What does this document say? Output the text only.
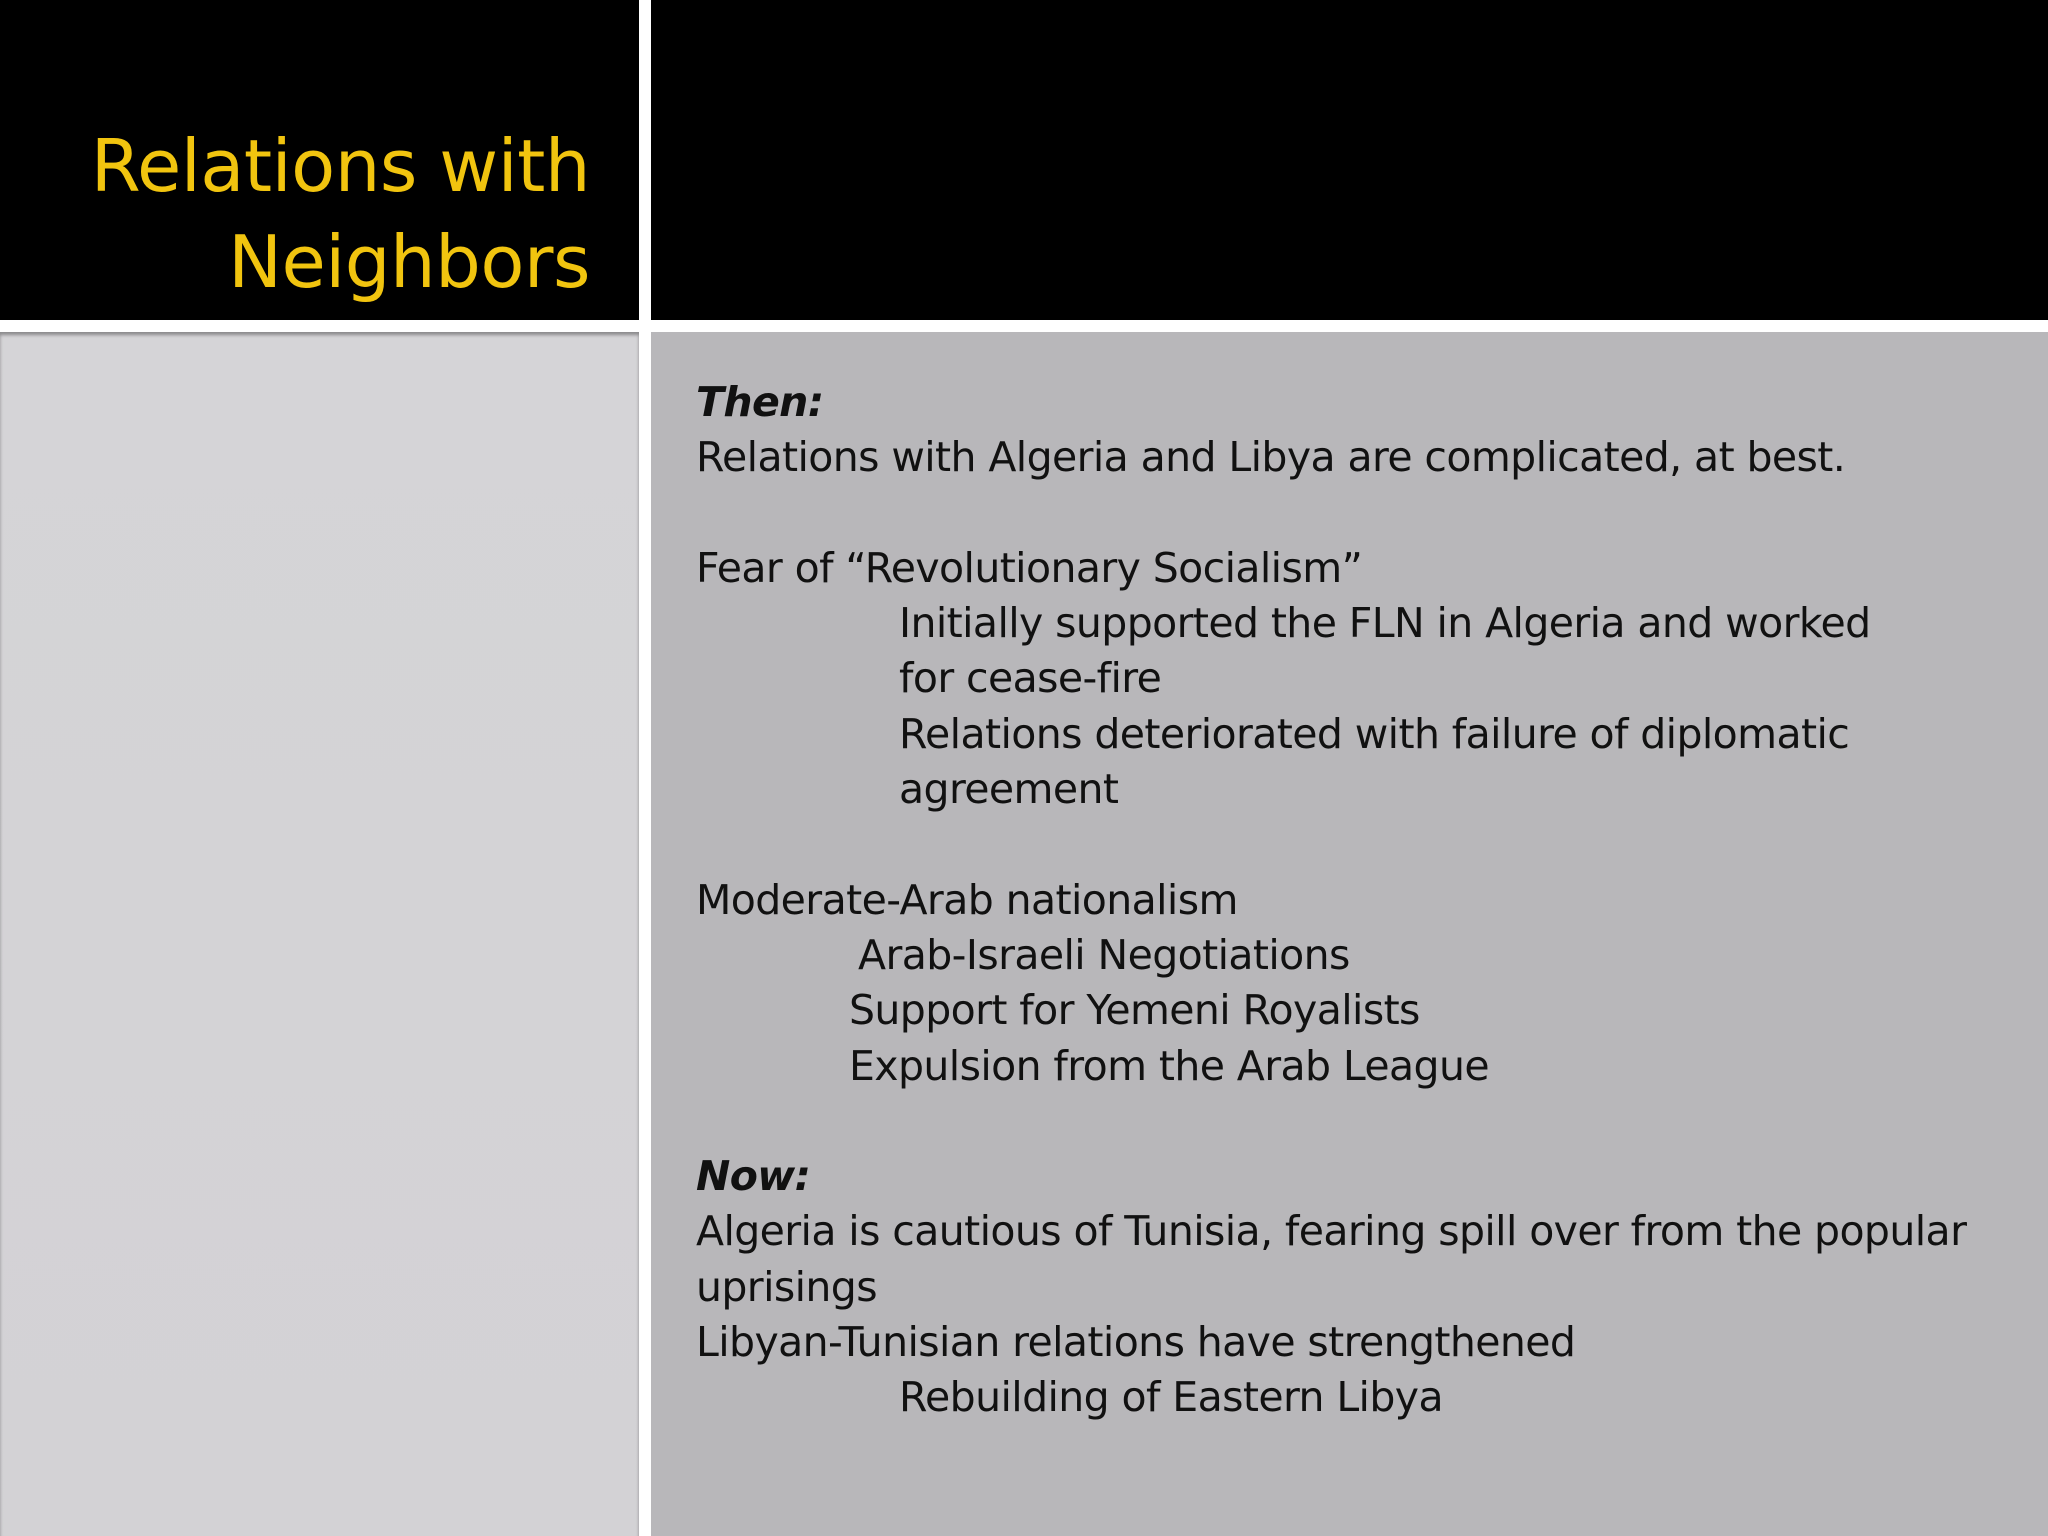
Relations with
Neighbors
Then:
Relations with Algeria and Libya are complicated, at best.
Fear of “Revolutionary Socialism”
Initially supported the FLN in Algeria and worked
for cease-fire
Relations deteriorated with failure of diplomatic
agreement
Moderate-Arab nationalism
Arab-Israeli Negotiations
Support for Yemeni Royalists
Expulsion from the Arab League
Now:
Algeria is cautious of Tunisia, fearing spill over from the popular
uprisings
Libyan-Tunisian relations have strengthened
Rebuilding of Eastern Libya
